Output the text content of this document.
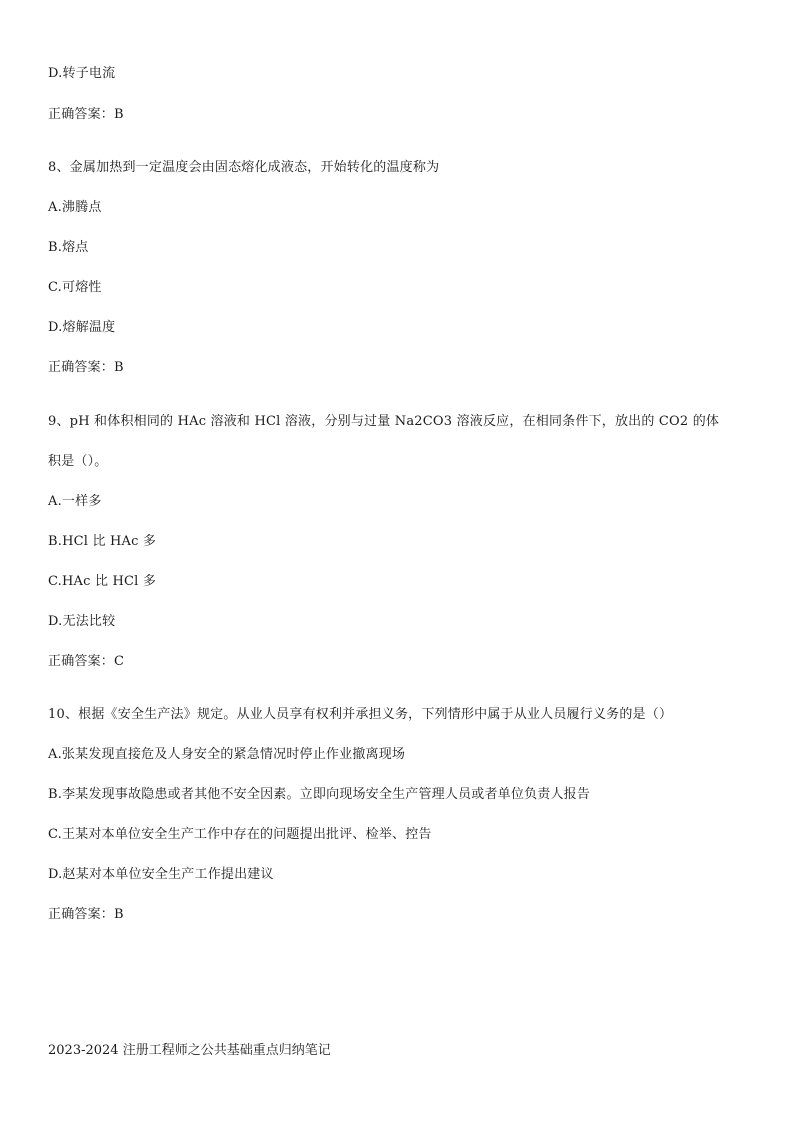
D.转子电流
正确答案：B
8、金属加热到一定温度会由固态熔化成液态，开始转化的温度称为
A.沸腾点
B.熔点
C.可熔性
D.熔解温度
正确答案：B
9、pH 和体积相同的 HAc 溶液和 HCl 溶液，分别与过量 Na2CO3 溶液反应，在相同条件下，放出的 CO2 的体
积是（）。
A.一样多
B.HCl 比 HAc 多
C.HAc 比 HCl 多
D.无法比较
正确答案：C
10、根据《安全生产法》规定。从业人员享有权利并承担义务，下列情形中属于从业人员履行义务的是（）
A.张某发现直接危及人身安全的紧急情况时停止作业撤离现场
B.李某发现事故隐患或者其他不安全因素。立即向现场安全生产管理人员或者单位负责人报告
C.王某对本单位安全生产工作中存在的问题提出批评、检举、控告
D.赵某对本单位安全生产工作提出建议
正确答案：B
2023-2024 注册工程师之公共基础重点归纳笔记
